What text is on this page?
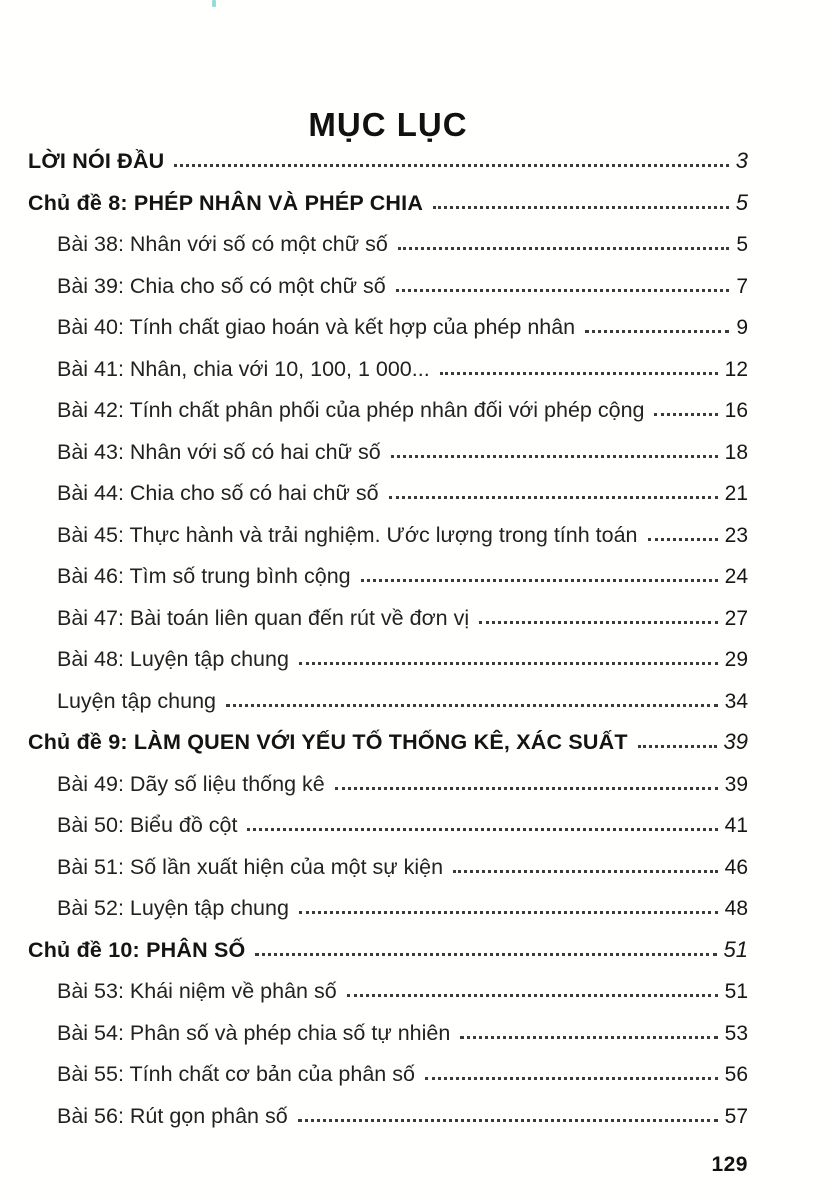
MỤC LỤC
LỜI NÓI ĐẦU	3
Chủ đề 8: PHÉP NHÂN VÀ PHÉP CHIA	5
Bài 38: Nhân với số có một chữ số	5
Bài 39: Chia cho số có một chữ số	7
Bài 40: Tính chất giao hoán và kết hợp của phép nhân	9
Bài 41: Nhân, chia với 10, 100, 1 000...	12
Bài 42: Tính chất phân phối của phép nhân đối với phép cộng	16
Bài 43: Nhân với số có hai chữ số	18
Bài 44: Chia cho số có hai chữ số	21
Bài 45: Thực hành và trải nghiệm. Ước lượng trong tính toán	23
Bài 46: Tìm số trung bình cộng	24
Bài 47: Bài toán liên quan đến rút về đơn vị	27
Bài 48: Luyện tập chung	29
Luyện tập chung	34
Chủ đề 9: LÀM QUEN VỚI YẾU TỐ THỐNG KÊ, XÁC SUẤT	39
Bài 49: Dãy số liệu thống kê	39
Bài 50: Biểu đồ cột	41
Bài 51: Số lần xuất hiện của một sự kiện	46
Bài 52: Luyện tập chung	48
Chủ đề 10: PHÂN SỐ	51
Bài 53: Khái niệm về phân số	51
Bài 54: Phân số và phép chia số tự nhiên	53
Bài 55: Tính chất cơ bản của phân số	56
Bài 56: Rút gọn phân số	57
129
